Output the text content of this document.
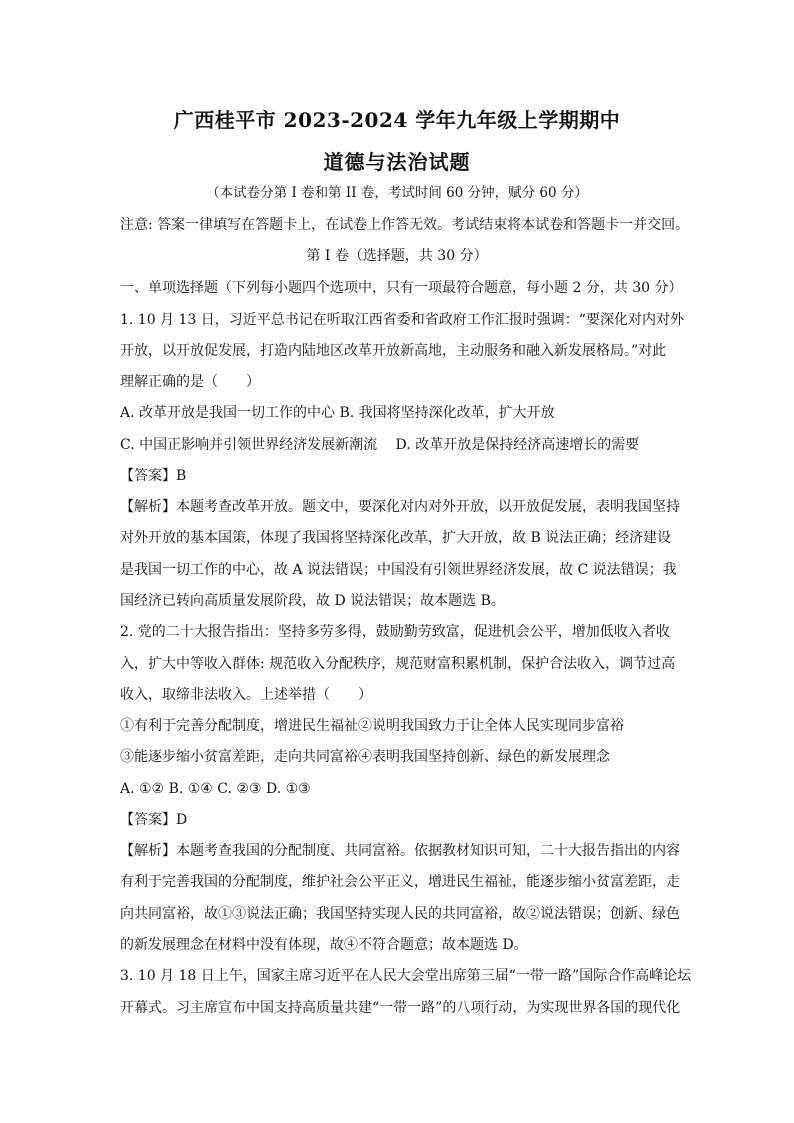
广西桂平市 2023-2024 学年九年级上学期期中
道德与法治试题
（本试卷分第 I 卷和第 II 卷，考试时间 60 分钟，赋分 60 分）
注意: 答案一律填写在答题卡上，在试卷上作答无效。考试结束将本试卷和答题卡一并交回。
第 I 卷（选择题，共 30 分）
一、单项选择题（下列每小题四个选项中，只有一项最符合题意，每小题 2 分，共 30 分）
1. 10 月 13 日，习近平总书记在听取江西省委和省政府工作汇报时强调：“要深化对内对外
开放，以开放促发展，打造内陆地区改革开放新高地，主动服务和融入新发展格局。”对此
理解正确的是（　　）
A. 改革开放是我国一切工作的中心 B. 我国将坚持深化改革，扩大开放
C. 中国正影响并引领世界经济发展新潮流　 D. 改革开放是保持经济高速增长的需要
【答案】B
【解析】本题考查改革开放。题文中，要深化对内对外开放，以开放促发展，表明我国坚持
对外开放的基本国策，体现了我国将坚持深化改革，扩大开放，故 B 说法正确；经济建设
是我国一切工作的中心，故 A 说法错误；中国没有引领世界经济发展，故 C 说法错误；我
国经济已转向高质量发展阶段，故 D 说法错误；故本题选 B。
2. 党的二十大报告指出：坚持多劳多得，鼓励勤劳致富，促进机会公平，增加低收入者收
入，扩大中等收入群体: 规范收入分配秩序，规范财富积累机制，保护合法收入，调节过高
收入，取缔非法收入。上述举措（　　）
①有利于完善分配制度，增进民生福祉②说明我国致力于让全体人民实现同步富裕
③能逐步缩小贫富差距，走向共同富裕④表明我国坚持创新、绿色的新发展理念
A. ①② B. ①④ C. ②③ D. ①③
【答案】D
【解析】本题考查我国的分配制度、共同富裕。依据教材知识可知，二十大报告指出的内容
有利于完善我国的分配制度，维护社会公平正义，增进民生福祉，能逐步缩小贫富差距，走
向共同富裕，故①③说法正确；我国坚持实现人民的共同富裕，故②说法错误；创新、绿色
的新发展理念在材料中没有体现，故④不符合题意；故本题选 D。
3. 10 月 18 日上午，国家主席习近平在人民大会堂出席第三届“一带一路”国际合作高峰论坛
开幕式。习主席宣布中国支持高质量共建“一带一路”的八项行动，为实现世界各国的现代化
